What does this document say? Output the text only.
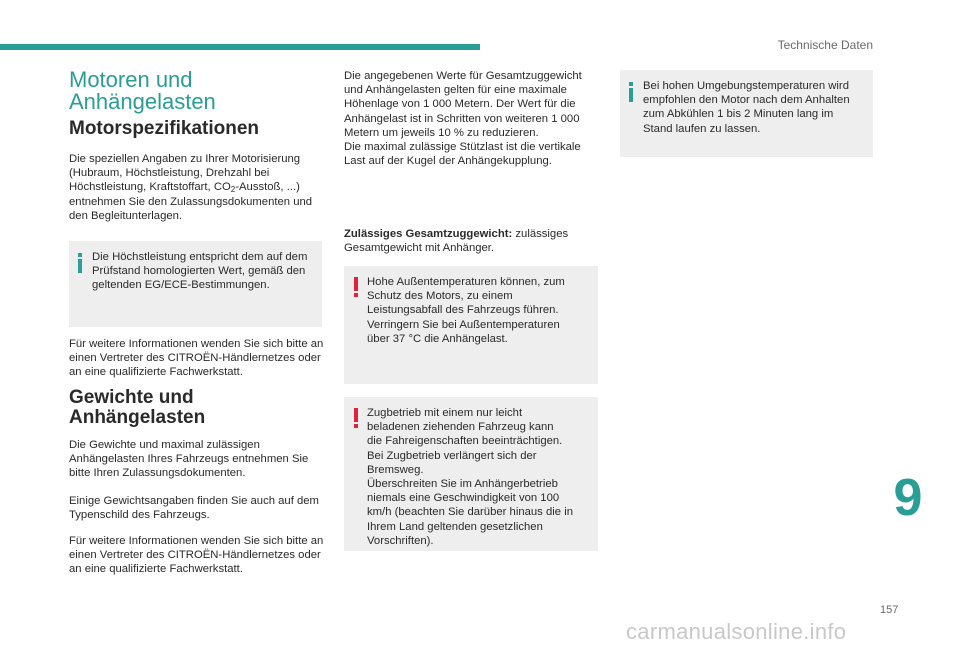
Technische Daten
Motoren und
Anhängelasten
Motorspezifikationen

Die speziellen Angaben zu Ihrer Motorisierung (Hubraum, Höchstleistung, Drehzahl bei Höchstleistung, Kraftstoffart, $CO_2$-Ausstoß, ...) entnehmen Sie den Zulassungsdokumenten und den Begleitunterlagen.

Die Höchstleistung entspricht dem auf dem Prüfstand homologierten Wert, gemäß den geltenden EG/ECE-Bestimmungen.

Für weitere Informationen wenden Sie sich bitte an einen Vertreter des CITROËN-Händlernetzes oder an eine qualifizierte Fachwerkstatt.

Gewichte und
Anhängelasten

Die Gewichte und maximal zulässigen Anhängelasten Ihres Fahrzeugs entnehmen Sie bitte Ihren Zulassungsdokumenten.

Einige Gewichtsangaben finden Sie auch auf dem Typenschild des Fahrzeugs.

Für weitere Informationen wenden Sie sich bitte an einen Vertreter des CITROËN-Händlernetzes oder an eine qualifizierte Fachwerkstatt.

Die angegebenen Werte für Gesamtzuggewicht und Anhängelasten gelten für eine maximale Höhenlage von 1 000 Metern. Der Wert für die Anhängelast ist in Schritten von weiteren 1 000 Metern um jeweils 10 % zu reduzieren.

Die maximal zulässige Stützlast ist die vertikale Last auf der Kugel der Anhängekupplung.

Zulässiges Gesamtzuggewicht: zulässiges Gesamtgewicht mit Anhänger.

Hohe Außentemperaturen können, zum Schutz des Motors, zu einem Leistungsabfall des Fahrzeugs führen. Verringern Sie bei Außentemperaturen über 37 °C die Anhängelast.

Zugbetrieb mit einem nur leicht beladenen ziehenden Fahrzeug kann die Fahreigenschaften beeinträchtigen.

Bei Zugbetrieb verlängert sich der Bremsweg.

Überschreiten Sie im Anhängerbetrieb niemals eine Geschwindigkeit von 100 km/h (beachten Sie darüber hinaus die in Ihrem Land geltenden gesetzlichen Vorschriften).

Bei hohen Umgebungstemperaturen wird empfohlen den Motor nach dem Anhalten zum Abkühlen 1 bis 2 Minuten lang im Stand laufen zu lassen.

9
157
carmanualsonline.info
